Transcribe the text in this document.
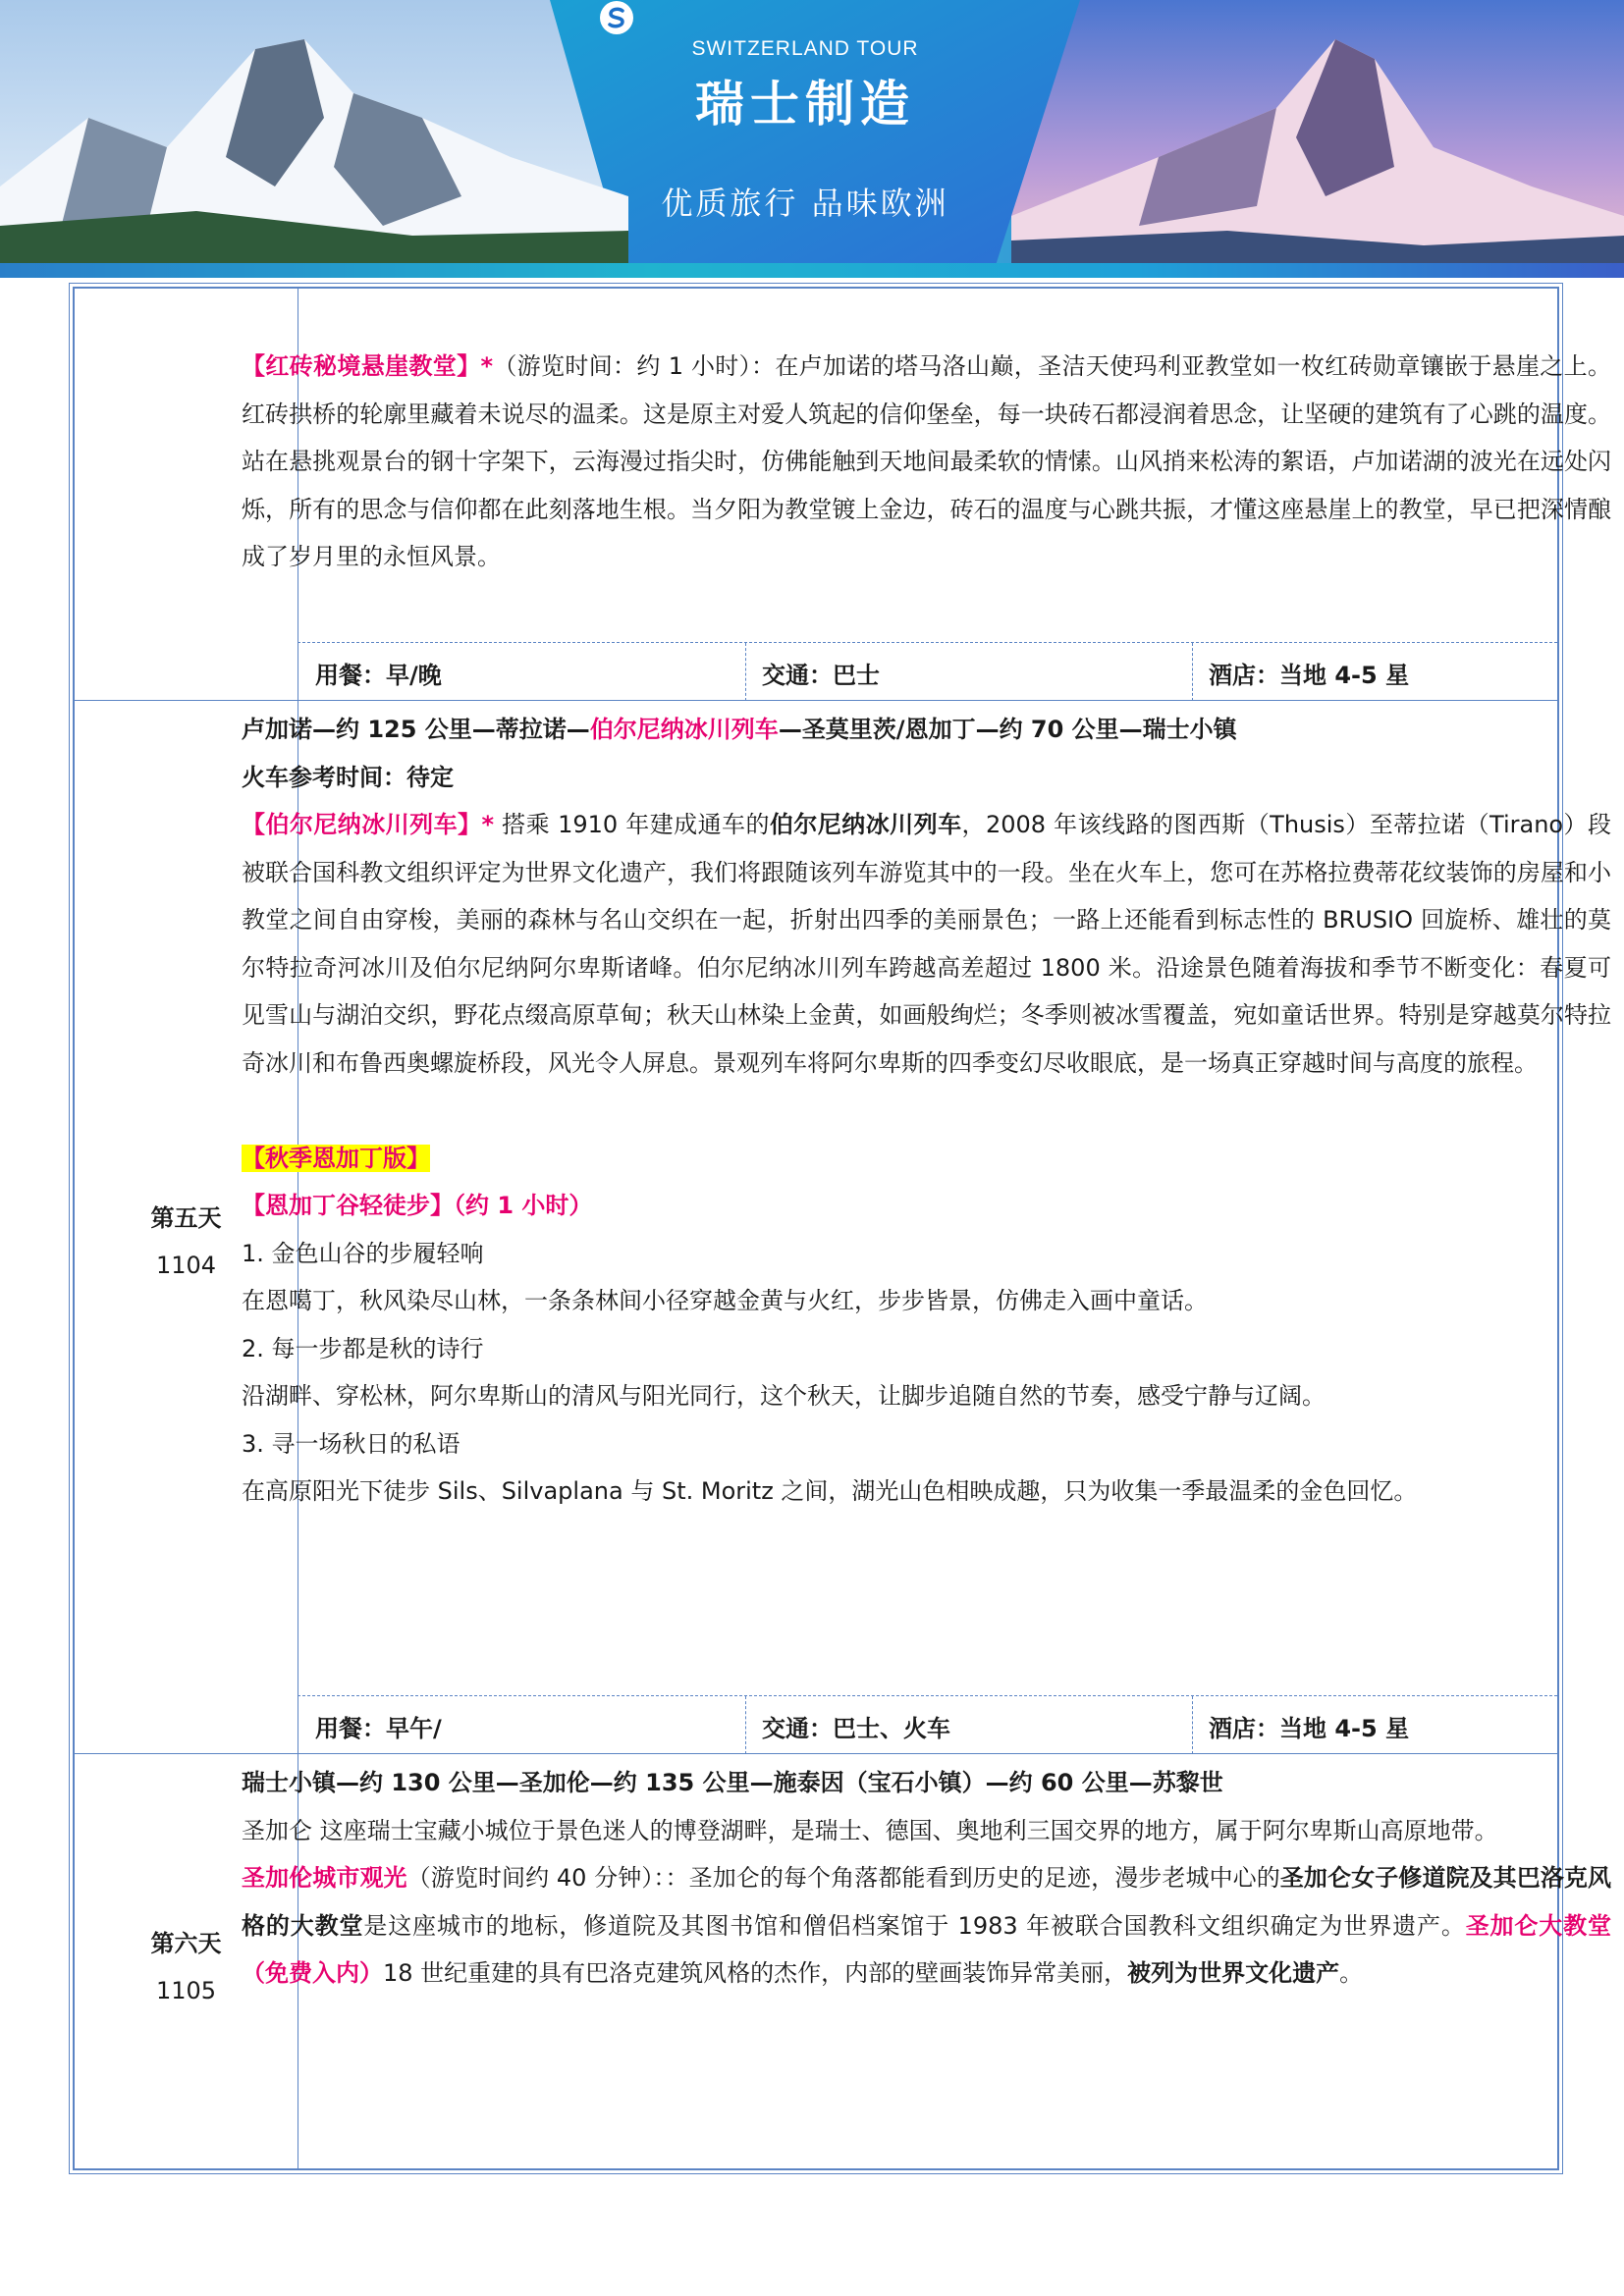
SWITZERLAND TOUR
瑞士制造
优质旅行 品味欧洲

【红砖秘境悬崖教堂】*（游览时间：约 1 小时）：在卢加诺的塔马洛山巅，圣洁天使玛利亚教堂如一枚红砖勋章镶嵌于悬崖之上。红砖拱桥的轮廓里藏着未说尽的温柔。这是原主对爱人筑起的信仰堡垒，每一块砖石都浸润着思念，让坚硬的建筑有了心跳的温度。站在悬挑观景台的钢十字架下，云海漫过指尖时，仿佛能触到天地间最柔软的情愫。山风捎来松涛的絮语，卢加诺湖的波光在远处闪烁，所有的思念与信仰都在此刻落地生根。当夕阳为教堂镀上金边，砖石的温度与心跳共振，才懂这座悬崖上的教堂，早已把深情酿成了岁月里的永恒风景。

用餐：早/晚	交通：巴士	酒店：当地 4-5 星
第五天
1104

卢加诺—约 125 公里—蒂拉诺—伯尔尼纳冰川列车—圣莫里茨/恩加丁—约 70 公里—瑞士小镇

火车参考时间：待定

【伯尔尼纳冰川列车】* 搭乘 1910 年建成通车的伯尔尼纳冰川列车，2008 年该线路的图西斯（Thusis）至蒂拉诺（Tirano）段被联合国科教文组织评定为世界文化遗产，我们将跟随该列车游览其中的一段。坐在火车上，您可在苏格拉费蒂花纹装饰的房屋和小教堂之间自由穿梭，美丽的森林与名山交织在一起，折射出四季的美丽景色；一路上还能看到标志性的 BRUSIO 回旋桥、雄壮的莫尔特拉奇河冰川及伯尔尼纳阿尔卑斯诸峰。伯尔尼纳冰川列车跨越高差超过 1800 米。沿途景色随着海拔和季节不断变化：春夏可见雪山与湖泊交织，野花点缀高原草甸；秋天山林染上金黄，如画般绚烂；冬季则被冰雪覆盖，宛如童话世界。特别是穿越莫尔特拉奇冰川和布鲁西奥螺旋桥段，风光令人屏息。景观列车将阿尔卑斯的四季变幻尽收眼底，是一场真正穿越时间与高度的旅程。

【秋季恩加丁版】

【恩加丁谷轻徒步】（约 1 小时）

1. 金色山谷的步履轻响

在恩噶丁，秋风染尽山林，一条条林间小径穿越金黄与火红，步步皆景，仿佛走入画中童话。

2. 每一步都是秋的诗行

沿湖畔、穿松林，阿尔卑斯山的清风与阳光同行，这个秋天，让脚步追随自然的节奏，感受宁静与辽阔。

3. 寻一场秋日的私语

在高原阳光下徒步 Sils、Silvaplana 与 St. Moritz 之间，湖光山色相映成趣，只为收集一季最温柔的金色回忆。

用餐：早午/	交通：巴士、火车	酒店：当地 4-5 星
第六天
1105

瑞士小镇—约 130 公里—圣加伦—约 135 公里—施泰因（宝石小镇）—约 60 公里—苏黎世

圣加仑 这座瑞士宝藏小城位于景色迷人的博登湖畔，是瑞士、德国、奥地利三国交界的地方，属于阿尔卑斯山高原地带。

圣加伦城市观光（游览时间约 40 分钟）：：圣加仑的每个角落都能看到历史的足迹，漫步老城中心的圣加仑女子修道院及其巴洛克风格的大教堂是这座城市的地标，修道院及其图书馆和僧侣档案馆于 1983 年被联合国教科文组织确定为世界遗产。圣加仑大教堂（免费入内）18 世纪重建的具有巴洛克建筑风格的杰作，内部的壁画装饰异常美丽，被列为世界文化遗产。
